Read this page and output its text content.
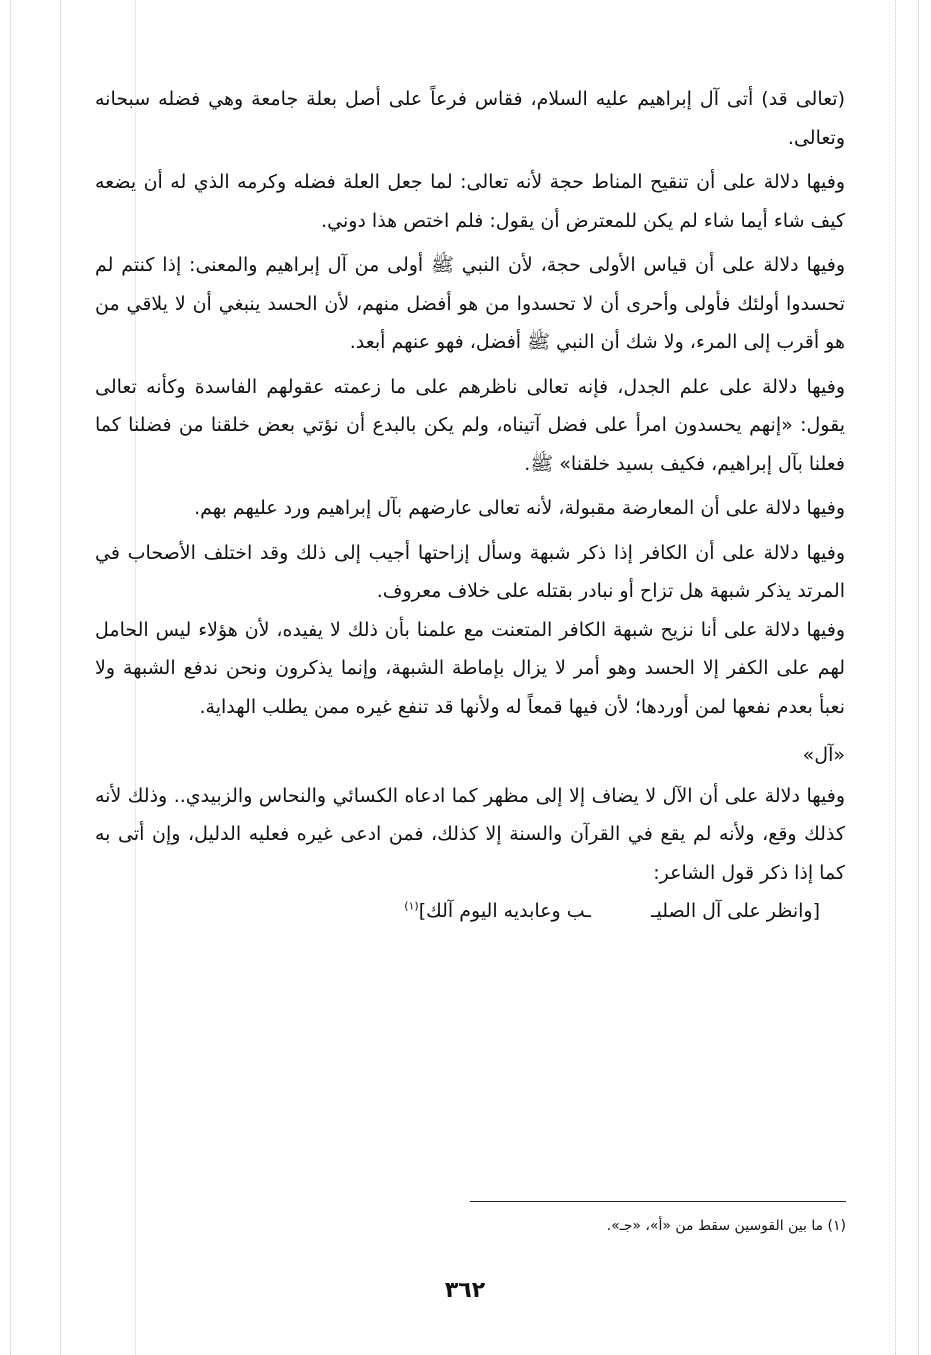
(تعالى قد) أتى آل إبراهيم عليه السلام، فقاس فرعاً على أصل بعلة جامعة وهي فضله سبحانه وتعالى.

وفيها دلالة على أن تنقيح المناط حجة لأنه تعالى: لما جعل العلة فضله وكرمه الذي له أن يضعه كيف شاء أيما شاء لم يكن للمعترض أن يقول: فلم اختص هذا دوني.

وفيها دلالة على أن قياس الأولى حجة، لأن النبي ﷺ أولى من آل إبراهيم والمعنى: إذا كنتم لم تحسدوا أولئك فأولى وأحرى أن لا تحسدوا من هو أفضل منهم، لأن الحسد ينبغي أن لا يلاقي من هو أقرب إلى المرء، ولا شك أن النبي ﷺ أفضل، فهو عنهم أبعد.

وفيها دلالة على علم الجدل، فإنه تعالى ناظرهم على ما زعمته عقولهم الفاسدة وكأنه تعالى يقول: «إنهم يحسدون امرأ على فضل آتيناه، ولم يكن بالبدع أن نؤتي بعض خلقنا من فضلنا كما فعلنا بآل إبراهيم، فكيف بسيد خلقنا» ﷺ.

وفيها دلالة على أن المعارضة مقبولة، لأنه تعالى عارضهم بآل إبراهيم ورد عليهم بهم.

وفيها دلالة على أن الكافر إذا ذكر شبهة وسأل إزاحتها أجيب إلى ذلك وقد اختلف الأصحاب في المرتد يذكر شبهة هل تزاح أو نبادر بقتله على خلاف معروف.

وفيها دلالة على أنا نزيح شبهة الكافر المتعنت مع علمنا بأن ذلك لا يفيده، لأن هؤلاء ليس الحامل لهم على الكفر إلا الحسد وهو أمر لا يزال بإماطة الشبهة، وإنما يذكرون ونحن ندفع الشبهة ولا نعبأ بعدم نفعها لمن أوردها؛ لأن فيها قمعاً له ولأنها قد تنفع غيره ممن يطلب الهداية.

«آل»

وفيها دلالة على أن الآل لا يضاف إلا إلى مظهر كما ادعاه الكسائي والنحاس والزبيدي.. وذلك لأنه كذلك وقع، ولأنه لم يقع في القرآن والسنة إلا كذلك، فمن ادعى غيره فعليه الدليل، وإن أتى به كما إذا ذكر قول الشاعر:

[وانظر على آل الصليــب وعابديه اليوم آلك]$^{(١)}$

(١) ما بين القوسين سقط من «أ»، «جـ».
٣٦٢
